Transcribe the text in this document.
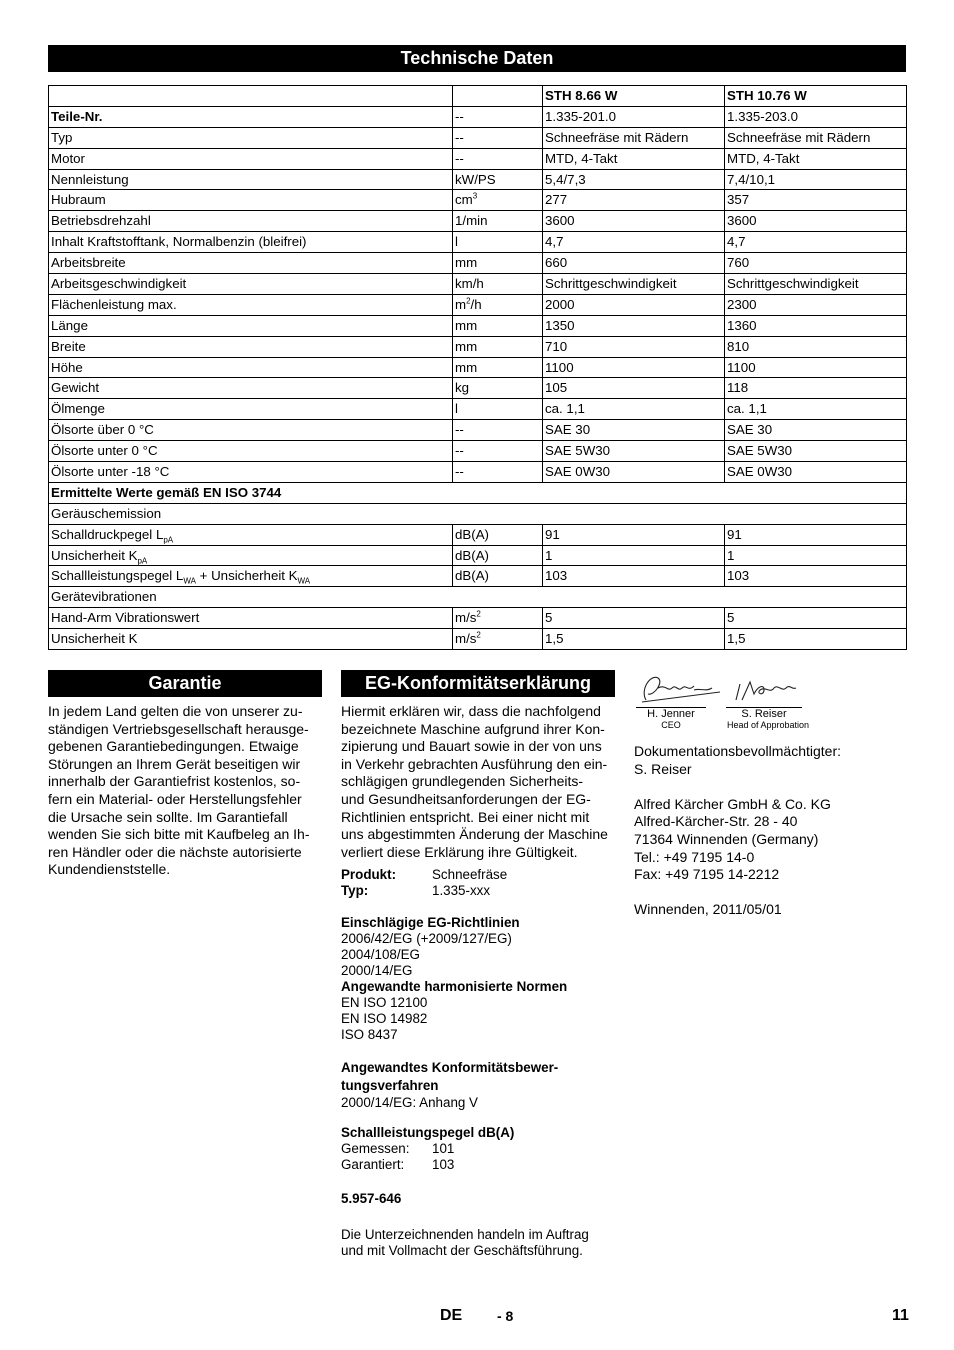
Technische Daten
		STH 8.66 W	STH 10.76 W
Teile-Nr.	--	1.335-201.0	1.335-203.0
Typ	--	Schneefräse mit Rädern	Schneefräse mit Rädern
Motor	--	MTD, 4-Takt	MTD, 4-Takt
Nennleistung	kW/PS	5,4/7,3	7,4/10,1
Hubraum	$cm^3$	277	357
Betriebsdrehzahl	1/min	3600	3600
Inhalt Kraftstofftank, Normalbenzin (bleifrei)	l	4,7	4,7
Arbeitsbreite	mm	660	760
Arbeitsgeschwindigkeit	km/h	Schrittgeschwindigkeit	Schrittgeschwindigkeit
Flächenleistung max.	$m^2/h$	2000	2300
Länge	mm	1350	1360
Breite	mm	710	810
Höhe	mm	1100	1100
Gewicht	kg	105	118
Ölmenge	l	ca. 1,1	ca. 1,1
Ölsorte über 0 °C	--	SAE 30	SAE 30
Ölsorte unter 0 °C	--	SAE 5W30	SAE 5W30
Ölsorte unter -18 °C	--	SAE 0W30	SAE 0W30
Ermittelte Werte gemäß EN ISO 3744			
Geräuschemission			
Schalldruckpegel $L_{pA}$	dB(A)	91	91
Unsicherheit $K_{pA}$	dB(A)	1	1
Schallleistungspegel $L_{WA}$ + Unsicherheit $K_{WA}$	dB(A)	103	103
Gerätevibrationen			
Hand-Arm Vibrationswert	$m/s^2$	5	5
Unsicherheit K	$m/s^2$	1,5	1,5
Garantie
In jedem Land gelten die von unserer zu-
ständigen Vertriebsgesellschaft herausge-
gebenen Garantiebedingungen. Etwaige
Störungen an Ihrem Gerät beseitigen wir
innerhalb der Garantiefrist kostenlos, so-
fern ein Material- oder Herstellungsfehler
die Ursache sein sollte. Im Garantiefall
wenden Sie sich bitte mit Kaufbeleg an Ih-
ren Händler oder die nächste autorisierte
Kundendienststelle.
EG-Konformitätserklärung
Hiermit erklären wir, dass die nachfolgend
bezeichnete Maschine aufgrund ihrer Kon-
zipierung und Bauart sowie in der von uns
in Verkehr gebrachten Ausführung den ein-
schlägigen grundlegenden Sicherheits-
und Gesundheitsanforderungen der EG-
Richtlinien entspricht. Bei einer nicht mit
uns abgestimmten Änderung der Maschine
verliert diese Erklärung ihre Gültigkeit.
Produkt:	Schneefräse
Typ:	1.335-xxx
Einschlägige EG-Richtlinien
2006/42/EG (+2009/127/EG)
2004/108/EG
2000/14/EG
Angewandte harmonisierte Normen
EN ISO 12100
EN ISO 14982
ISO 8437
Angewandtes Konformitätsbewer-
tungsverfahren
2000/14/EG: Anhang V
Schallleistungspegel dB(A)
Gemessen:	101
Garantiert:	103
5.957-646
Die Unterzeichnenden handeln im Auftrag
und mit Vollmacht der Geschäftsführung.
H. Jenner
CEO
S. Reiser
Head of Approbation
Dokumentationsbevollmächtigter:
S. Reiser

Alfred Kärcher GmbH & Co. KG
Alfred-Kärcher-Str. 28 - 40
71364 Winnenden (Germany)
Tel.: +49 7195 14-0
Fax: +49 7195 14-2212

Winnenden, 2011/05/01
DE - 8	11
